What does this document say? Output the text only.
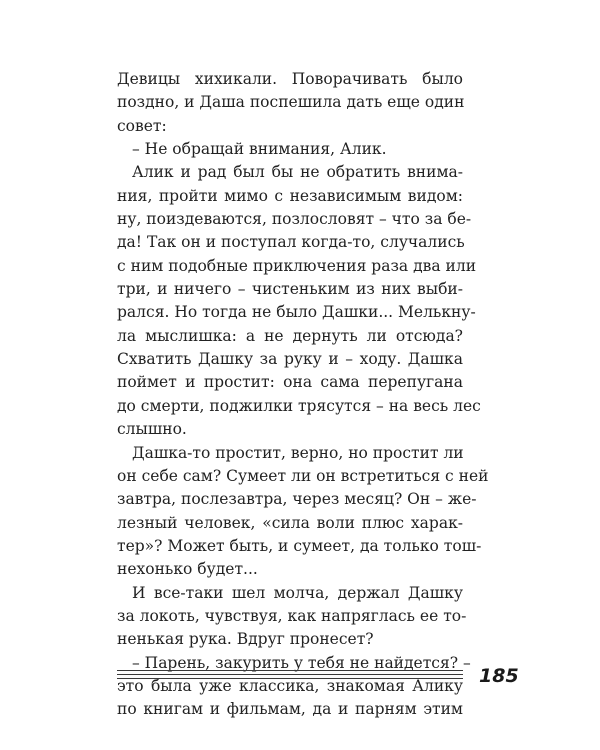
Девицы хихикали. Поворачивать было
поздно, и Даша поспешила дать еще один
совет:
– Не обращай внимания, Алик.
Алик и рад был бы не обратить внима-
ния, пройти мимо с независимым видом:
ну, поиздеваются, позлословят – что за бе-
да! Так он и поступал когда-то, случались
с ним подобные приключения раза два или
три, и ничего – чистеньким из них выби-
рался. Но тогда не было Дашки... Мелькну-
ла мыслишка: а не дернуть ли отсюда?
Схватить Дашку за руку и – ходу. Дашка
поймет и простит: она сама перепугана
до смерти, поджилки трясутся – на весь лес
слышно.
Дашка-то простит, верно, но простит ли
он себе сам? Сумеет ли он встретиться с ней
завтра, послезавтра, через месяц? Он – же-
лезный человек, «сила воли плюс харак-
тер»? Может быть, и сумеет, да только тош-
нехонько будет...
И все-таки шел молча, держал Дашку
за локоть, чувствуя, как напряглась ее то-
ненькая рука. Вдруг пронесет?
– Парень, закурить у тебя не найдется? –
это была уже классика, знакомая Алику
по книгам и фильмам, да и парням этим
185
